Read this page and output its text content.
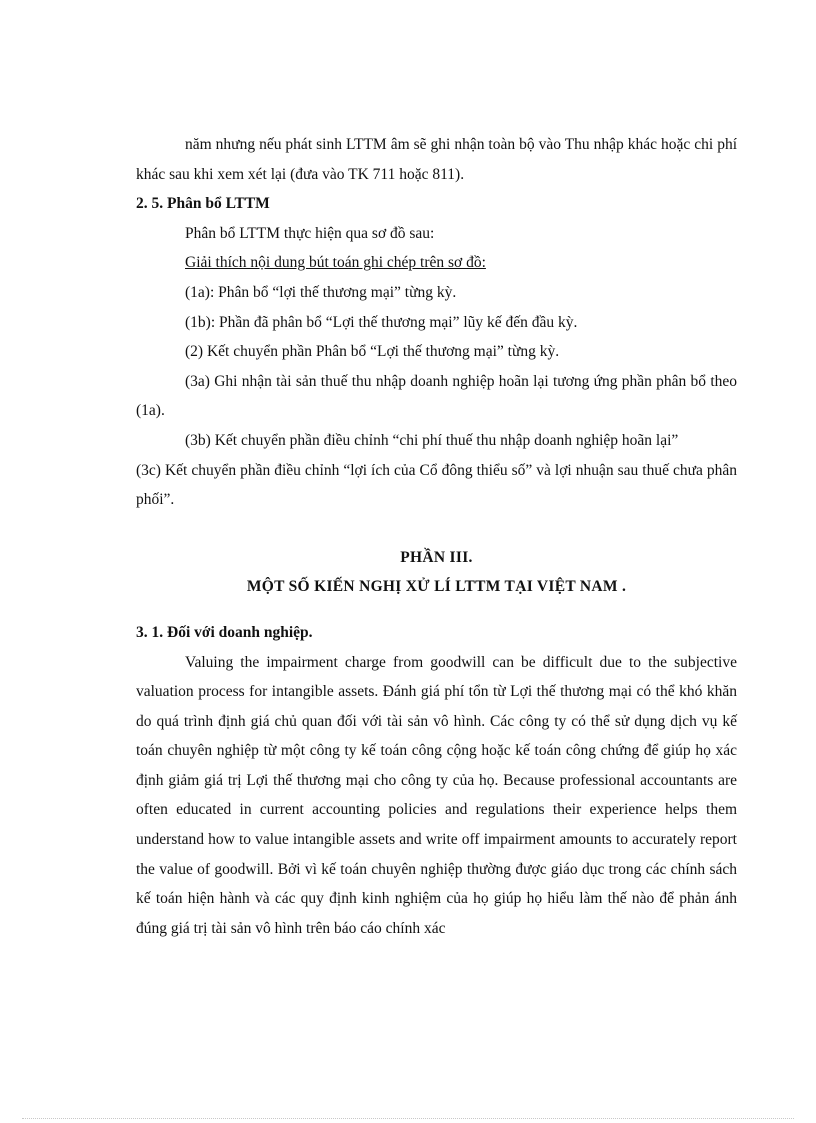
năm nhưng nếu phát sinh LTTM âm sẽ ghi nhận toàn bộ vào Thu nhập khác hoặc chi phí khác sau khi xem xét lại (đưa vào TK 711 hoặc 811).

2. 5. Phân bổ LTTM

Phân bổ LTTM thực hiện qua sơ đồ sau:

Giải thích nội dung bút toán ghi chép trên sơ đồ:

(1a): Phân bổ “lợi thế thương mại” từng kỳ.

(1b): Phần đã phân bổ “Lợi thế thương mại” lũy kế đến đầu kỳ.

(2) Kết chuyển phần Phân bổ “Lợi thế thương mại” từng kỳ.

(3a) Ghi nhận tài sản thuế thu nhập doanh nghiệp hoãn lại tương ứng phần phân bổ theo (1a).

(3b) Kết chuyển phần điều chỉnh “chi phí thuế thu nhập doanh nghiệp hoãn lại”

(3c) Kết chuyển phần điều chỉnh “lợi ích của Cổ đông thiểu số” và lợi nhuận sau thuế chưa phân phối”.

PHẦN III.

MỘT SỐ KIẾN NGHỊ XỬ LÍ LTTM TẠI VIỆT NAM .

3. 1. Đối với doanh nghiệp.

Valuing the impairment charge from goodwill can be difficult due to the subjective valuation process for intangible assets. Đánh giá phí tổn từ Lợi thế thương mại có thể khó khăn do quá trình định giá chủ quan đối với tài sản vô hình. Các công ty có thể sử dụng dịch vụ kế toán chuyên nghiệp từ một công ty kế toán công cộng hoặc kế toán công chứng để giúp họ xác định giảm giá trị Lợi thế thương mại cho công ty của họ. Because professional accountants are often educated in current accounting policies and regulations their experience helps them understand how to value intangible assets and write off impairment amounts to accurately report the value of goodwill. Bởi vì kế toán chuyên nghiệp thường được giáo dục trong các chính sách kế toán hiện hành và các quy định kinh nghiệm của họ giúp họ hiểu làm thế nào để phản ánh đúng giá trị tài sản vô hình trên báo cáo chính xác
